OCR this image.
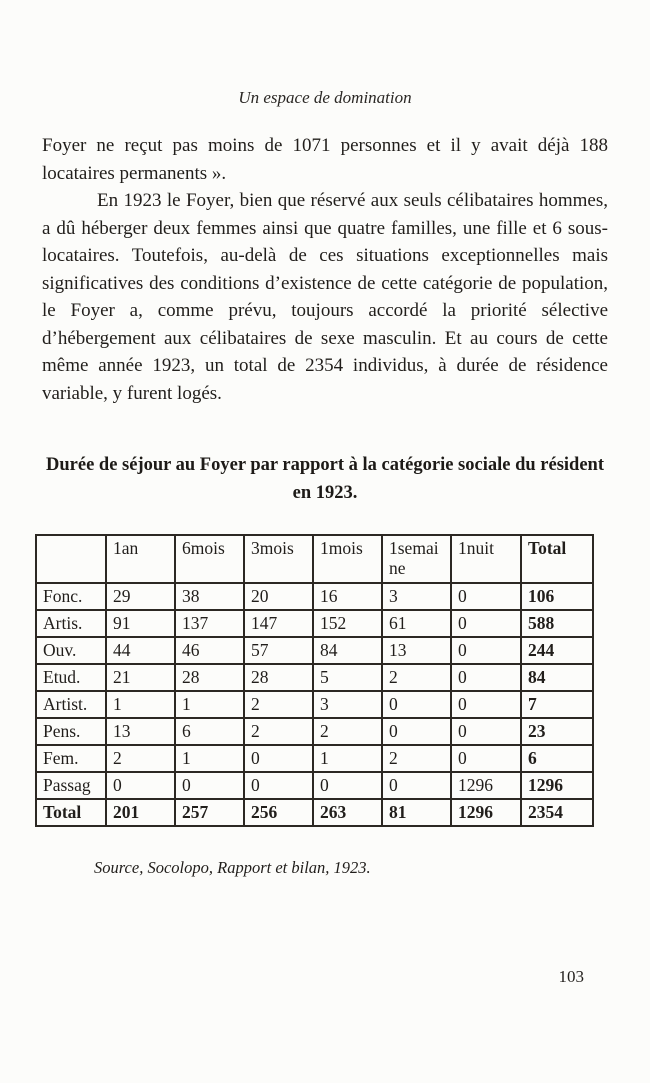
Un espace de domination

Foyer ne reçut pas moins de 1071 personnes et il y avait déjà 188 locataires permanents ».

En 1923 le Foyer, bien que réservé aux seuls célibataires hommes, a dû héberger deux femmes ainsi que quatre familles, une fille et 6 sous-locataires. Toutefois, au-delà de ces situations exceptionnelles mais significatives des conditions d’existence de cette catégorie de population, le Foyer a, comme prévu, toujours accordé la priorité sélective d’hébergement aux célibataires de sexe masculin. Et au cours de cette même année 1923, un total de 2354 individus, à durée de résidence variable, y furent logés.

Durée de séjour au Foyer par rapport à la catégorie sociale du résident en 1923.
	1an	6mois	3mois	1mois	1semaine	1nuit	Total
Fonc.	29	38	20	16	3	0	106
Artis.	91	137	147	152	61	0	588
Ouv.	44	46	57	84	13	0	244
Etud.	21	28	28	5	2	0	84
Artist.	1	1	2	3	0	0	7
Pens.	13	6	2	2	0	0	23
Fem.	2	1	0	1	2	0	6
Passag	0	0	0	0	0	1296	1296
Total	201	257	256	263	81	1296	2354

Source, Socolopo, Rapport et bilan, 1923.

103
